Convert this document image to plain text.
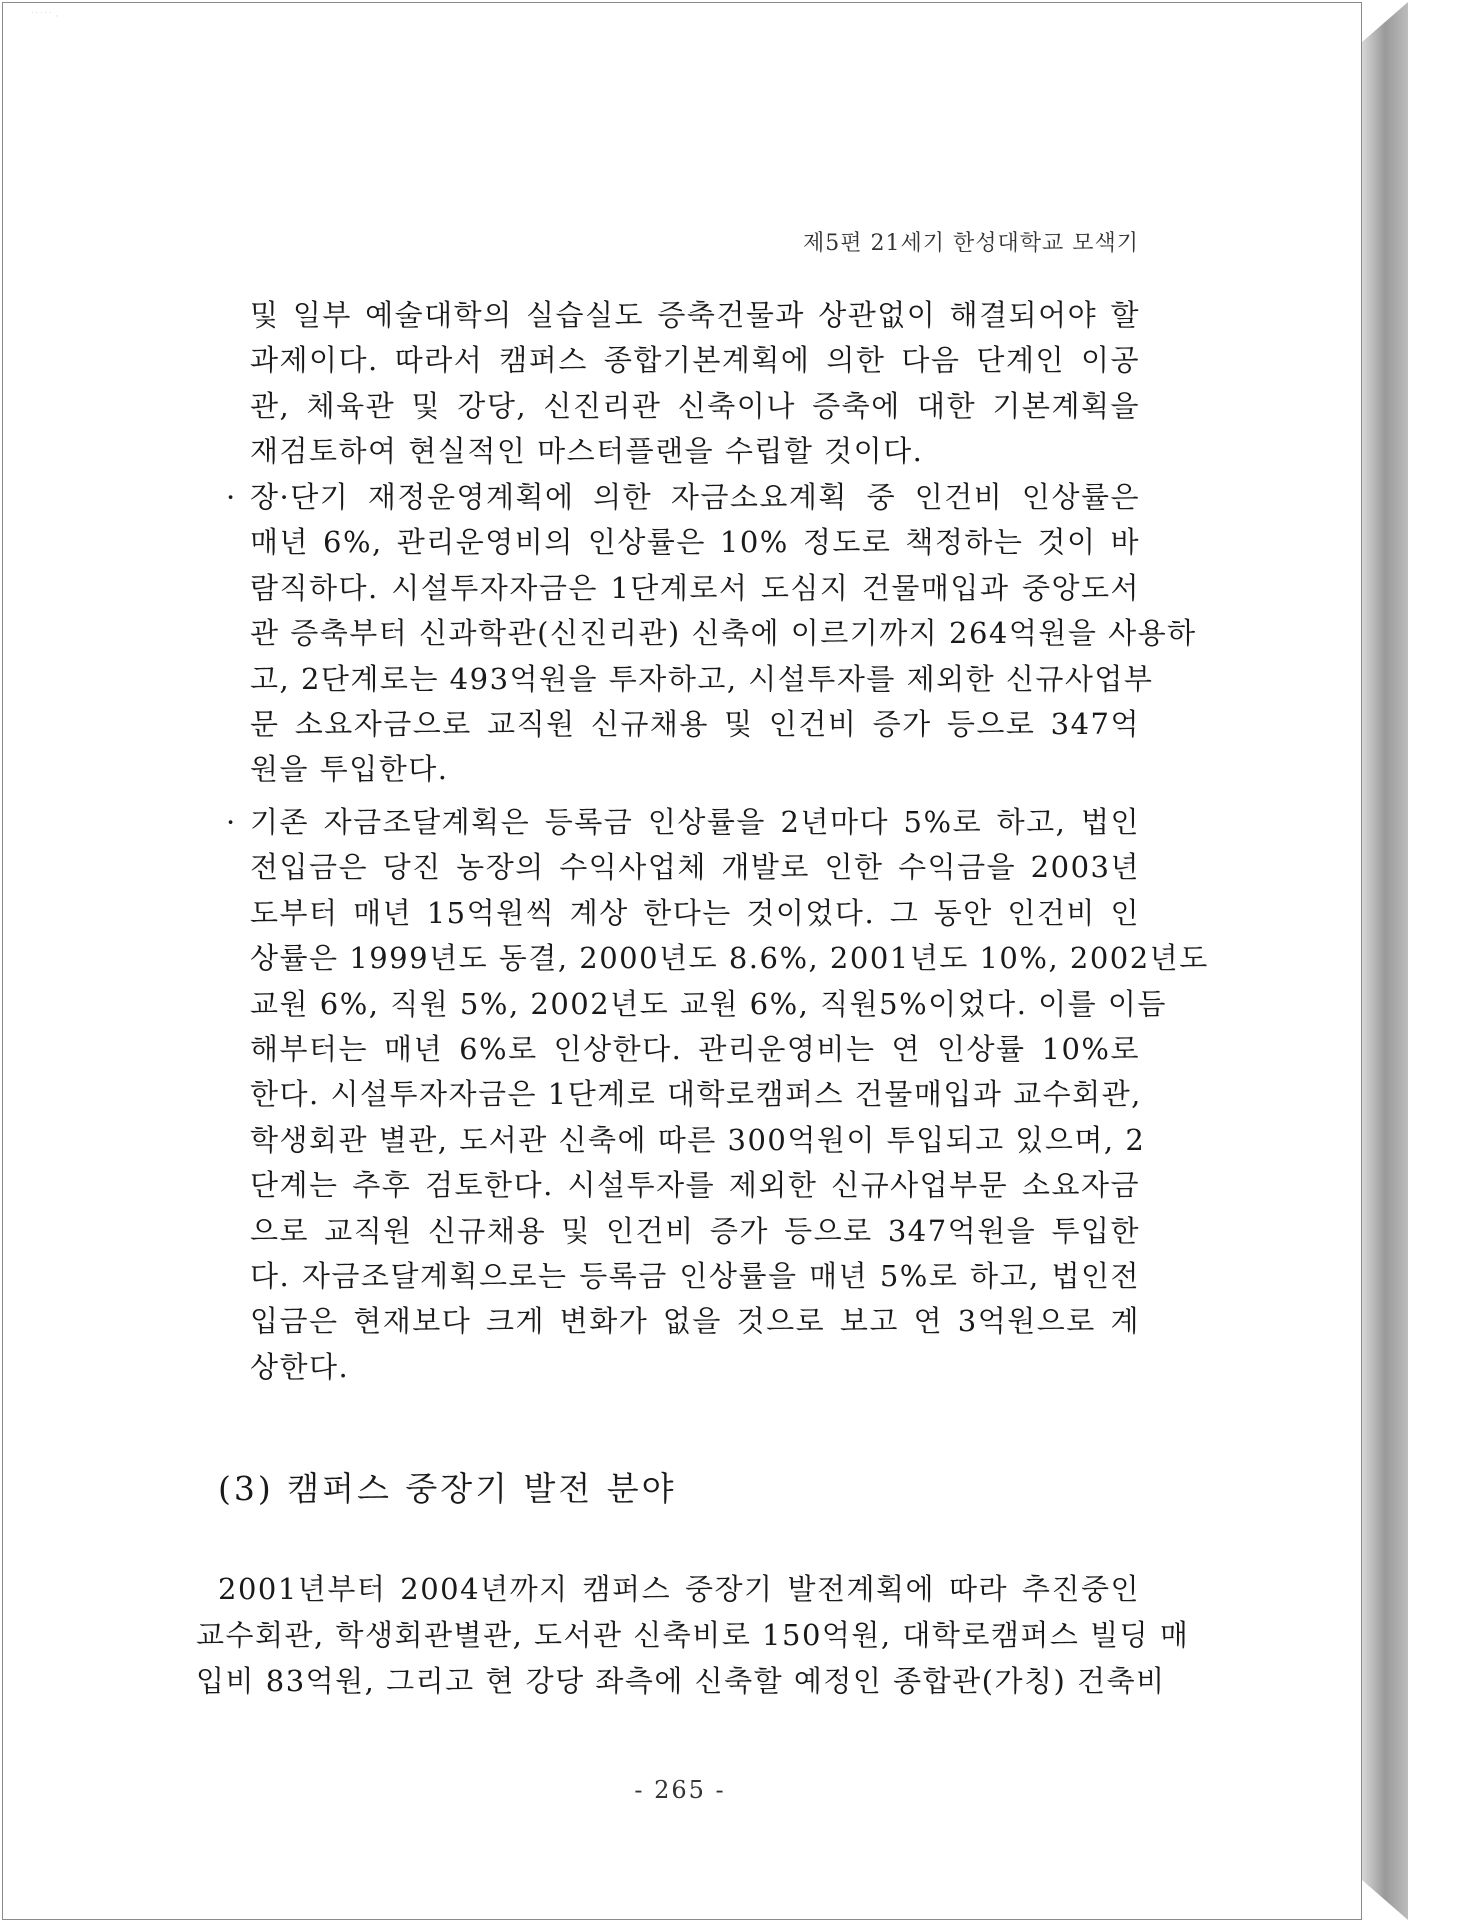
˙˙˙˙˙ ·
제5편 21세기 한성대학교 모색기
및 일부 예술대학의 실습실도 증축건물과 상관없이 해결되어야 할
과제이다. 따라서 캠퍼스 종합기본계획에 의한 다음 단계인 이공
관, 체육관 및 강당, 신진리관 신축이나 증축에 대한 기본계획을
재검토하여 현실적인 마스터플랜을 수립할 것이다.
· 장·단기 재정운영계획에 의한 자금소요계획 중 인건비 인상률은
매년 6%, 관리운영비의 인상률은 10% 정도로 책정하는 것이 바
람직하다. 시설투자자금은 1단계로서 도심지 건물매입과 중앙도서
관 증축부터 신과학관(신진리관) 신축에 이르기까지 264억원을 사용하
고, 2단계로는 493억원을 투자하고, 시설투자를 제외한 신규사업부
문 소요자금으로 교직원 신규채용 및 인건비 증가 등으로 347억
원을 투입한다.
· 기존 자금조달계획은 등록금 인상률을 2년마다 5%로 하고, 법인
전입금은 당진 농장의 수익사업체 개발로 인한 수익금을 2003년
도부터 매년 15억원씩 계상 한다는 것이었다. 그 동안 인건비 인
상률은 1999년도 동결, 2000년도 8.6%, 2001년도 10%, 2002년도
교원 6%, 직원 5%, 2002년도 교원 6%, 직원5%이었다. 이를 이듬
해부터는 매년 6%로 인상한다. 관리운영비는 연 인상률 10%로
한다. 시설투자자금은 1단계로 대학로캠퍼스 건물매입과 교수회관,
학생회관 별관, 도서관 신축에 따른 300억원이 투입되고 있으며, 2
단계는 추후 검토한다. 시설투자를 제외한 신규사업부문 소요자금
으로 교직원 신규채용 및 인건비 증가 등으로 347억원을 투입한
다. 자금조달계획으로는 등록금 인상률을 매년 5%로 하고, 법인전
입금은 현재보다 크게 변화가 없을 것으로 보고 연 3억원으로 계
상한다.
(3) 캠퍼스 중장기 발전 분야
2001년부터 2004년까지 캠퍼스 중장기 발전계획에 따라 추진중인
교수회관, 학생회관별관, 도서관 신축비로 150억원, 대학로캠퍼스 빌딩 매
입비 83억원, 그리고 현 강당 좌측에 신축할 예정인 종합관(가칭) 건축비
- 265 -
